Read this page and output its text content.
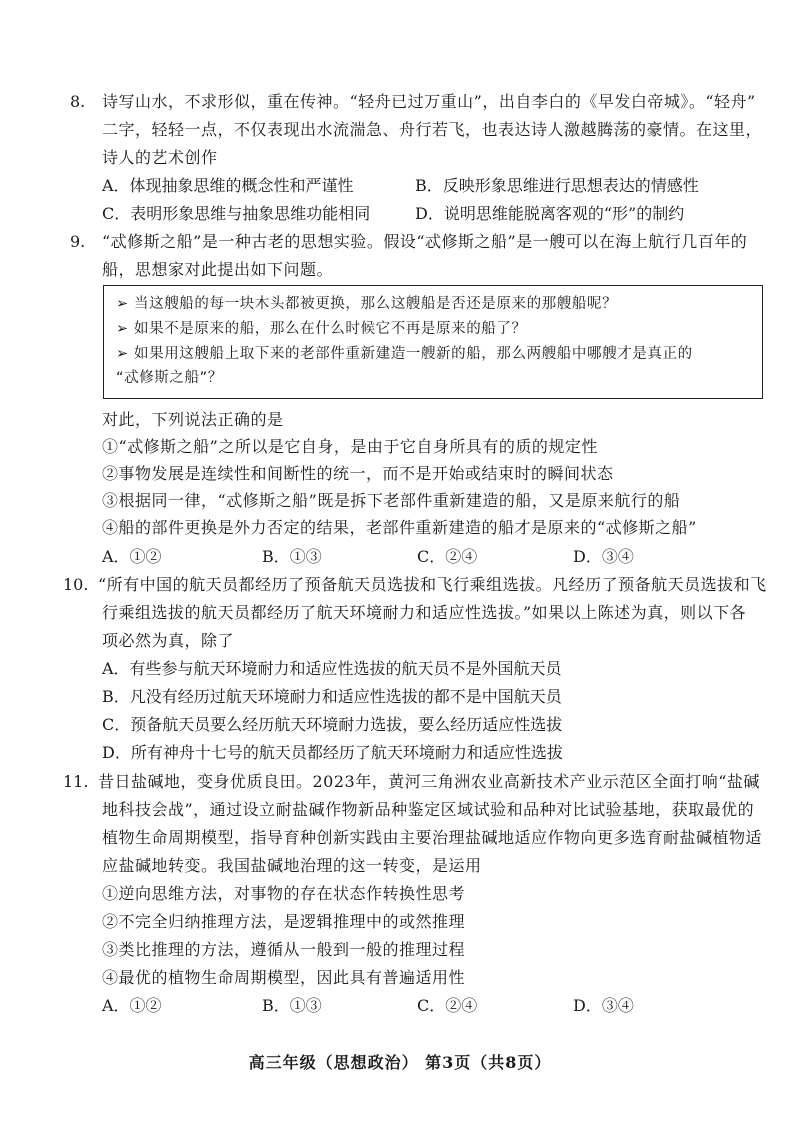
8. 诗写山水，不求形似，重在传神。“轻舟已过万重山”，出自李白的《早发白帝城》。“轻舟”
二字，轻轻一点，不仅表现出水流湍急、舟行若飞，也表达诗人激越腾荡的豪情。在这里，
诗人的艺术创作
A．体现抽象思维的概念性和严谨性	B．反映形象思维进行思想表达的情感性
C．表明形象思维与抽象思维功能相同	D．说明思维能脱离客观的“形”的制约
9. “忒修斯之船”是一种古老的思想实验。假设“忒修斯之船”是一艘可以在海上航行几百年的
船，思想家对此提出如下问题。
➢ 当这艘船的每一块木头都被更换，那么这艘船是否还是原来的那艘船呢？
➢ 如果不是原来的船，那么在什么时候它不再是原来的船了？
➢ 如果用这艘船上取下来的老部件重新建造一艘新的船，那么两艘船中哪艘才是真正的
“忒修斯之船”？
对此，下列说法正确的是
①“忒修斯之船”之所以是它自身，是由于它自身所具有的质的规定性
②事物发展是连续性和间断性的统一，而不是开始或结束时的瞬间状态
③根据同一律，“忒修斯之船”既是拆下老部件重新建造的船，又是原来航行的船
④船的部件更换是外力否定的结果，老部件重新建造的船才是原来的“忒修斯之船”
A．①②	B．①③	C．②④	D．③④
10. “所有中国的航天员都经历了预备航天员选拔和飞行乘组选拔。凡经历了预备航天员选拔和飞
行乘组选拔的航天员都经历了航天环境耐力和适应性选拔。”如果以上陈述为真，则以下各
项必然为真，除了
A．有些参与航天环境耐力和适应性选拔的航天员不是外国航天员
B．凡没有经历过航天环境耐力和适应性选拔的都不是中国航天员
C．预备航天员要么经历航天环境耐力选拔，要么经历适应性选拔
D．所有神舟十七号的航天员都经历了航天环境耐力和适应性选拔
11. 昔日盐碱地，变身优质良田。2023年，黄河三角洲农业高新技术产业示范区全面打响“盐碱
地科技会战”，通过设立耐盐碱作物新品种鉴定区域试验和品种对比试验基地，获取最优的
植物生命周期模型，指导育种创新实践由主要治理盐碱地适应作物向更多选育耐盐碱植物适
应盐碱地转变。我国盐碱地治理的这一转变，是运用
①逆向思维方法，对事物的存在状态作转换性思考
②不完全归纳推理方法，是逻辑推理中的或然推理
③类比推理的方法，遵循从一般到一般的推理过程
④最优的植物生命周期模型，因此具有普遍适用性
A．①②	B．①③	C．②④	D．③④
高三年级（思想政治） 第3页（共8页）
